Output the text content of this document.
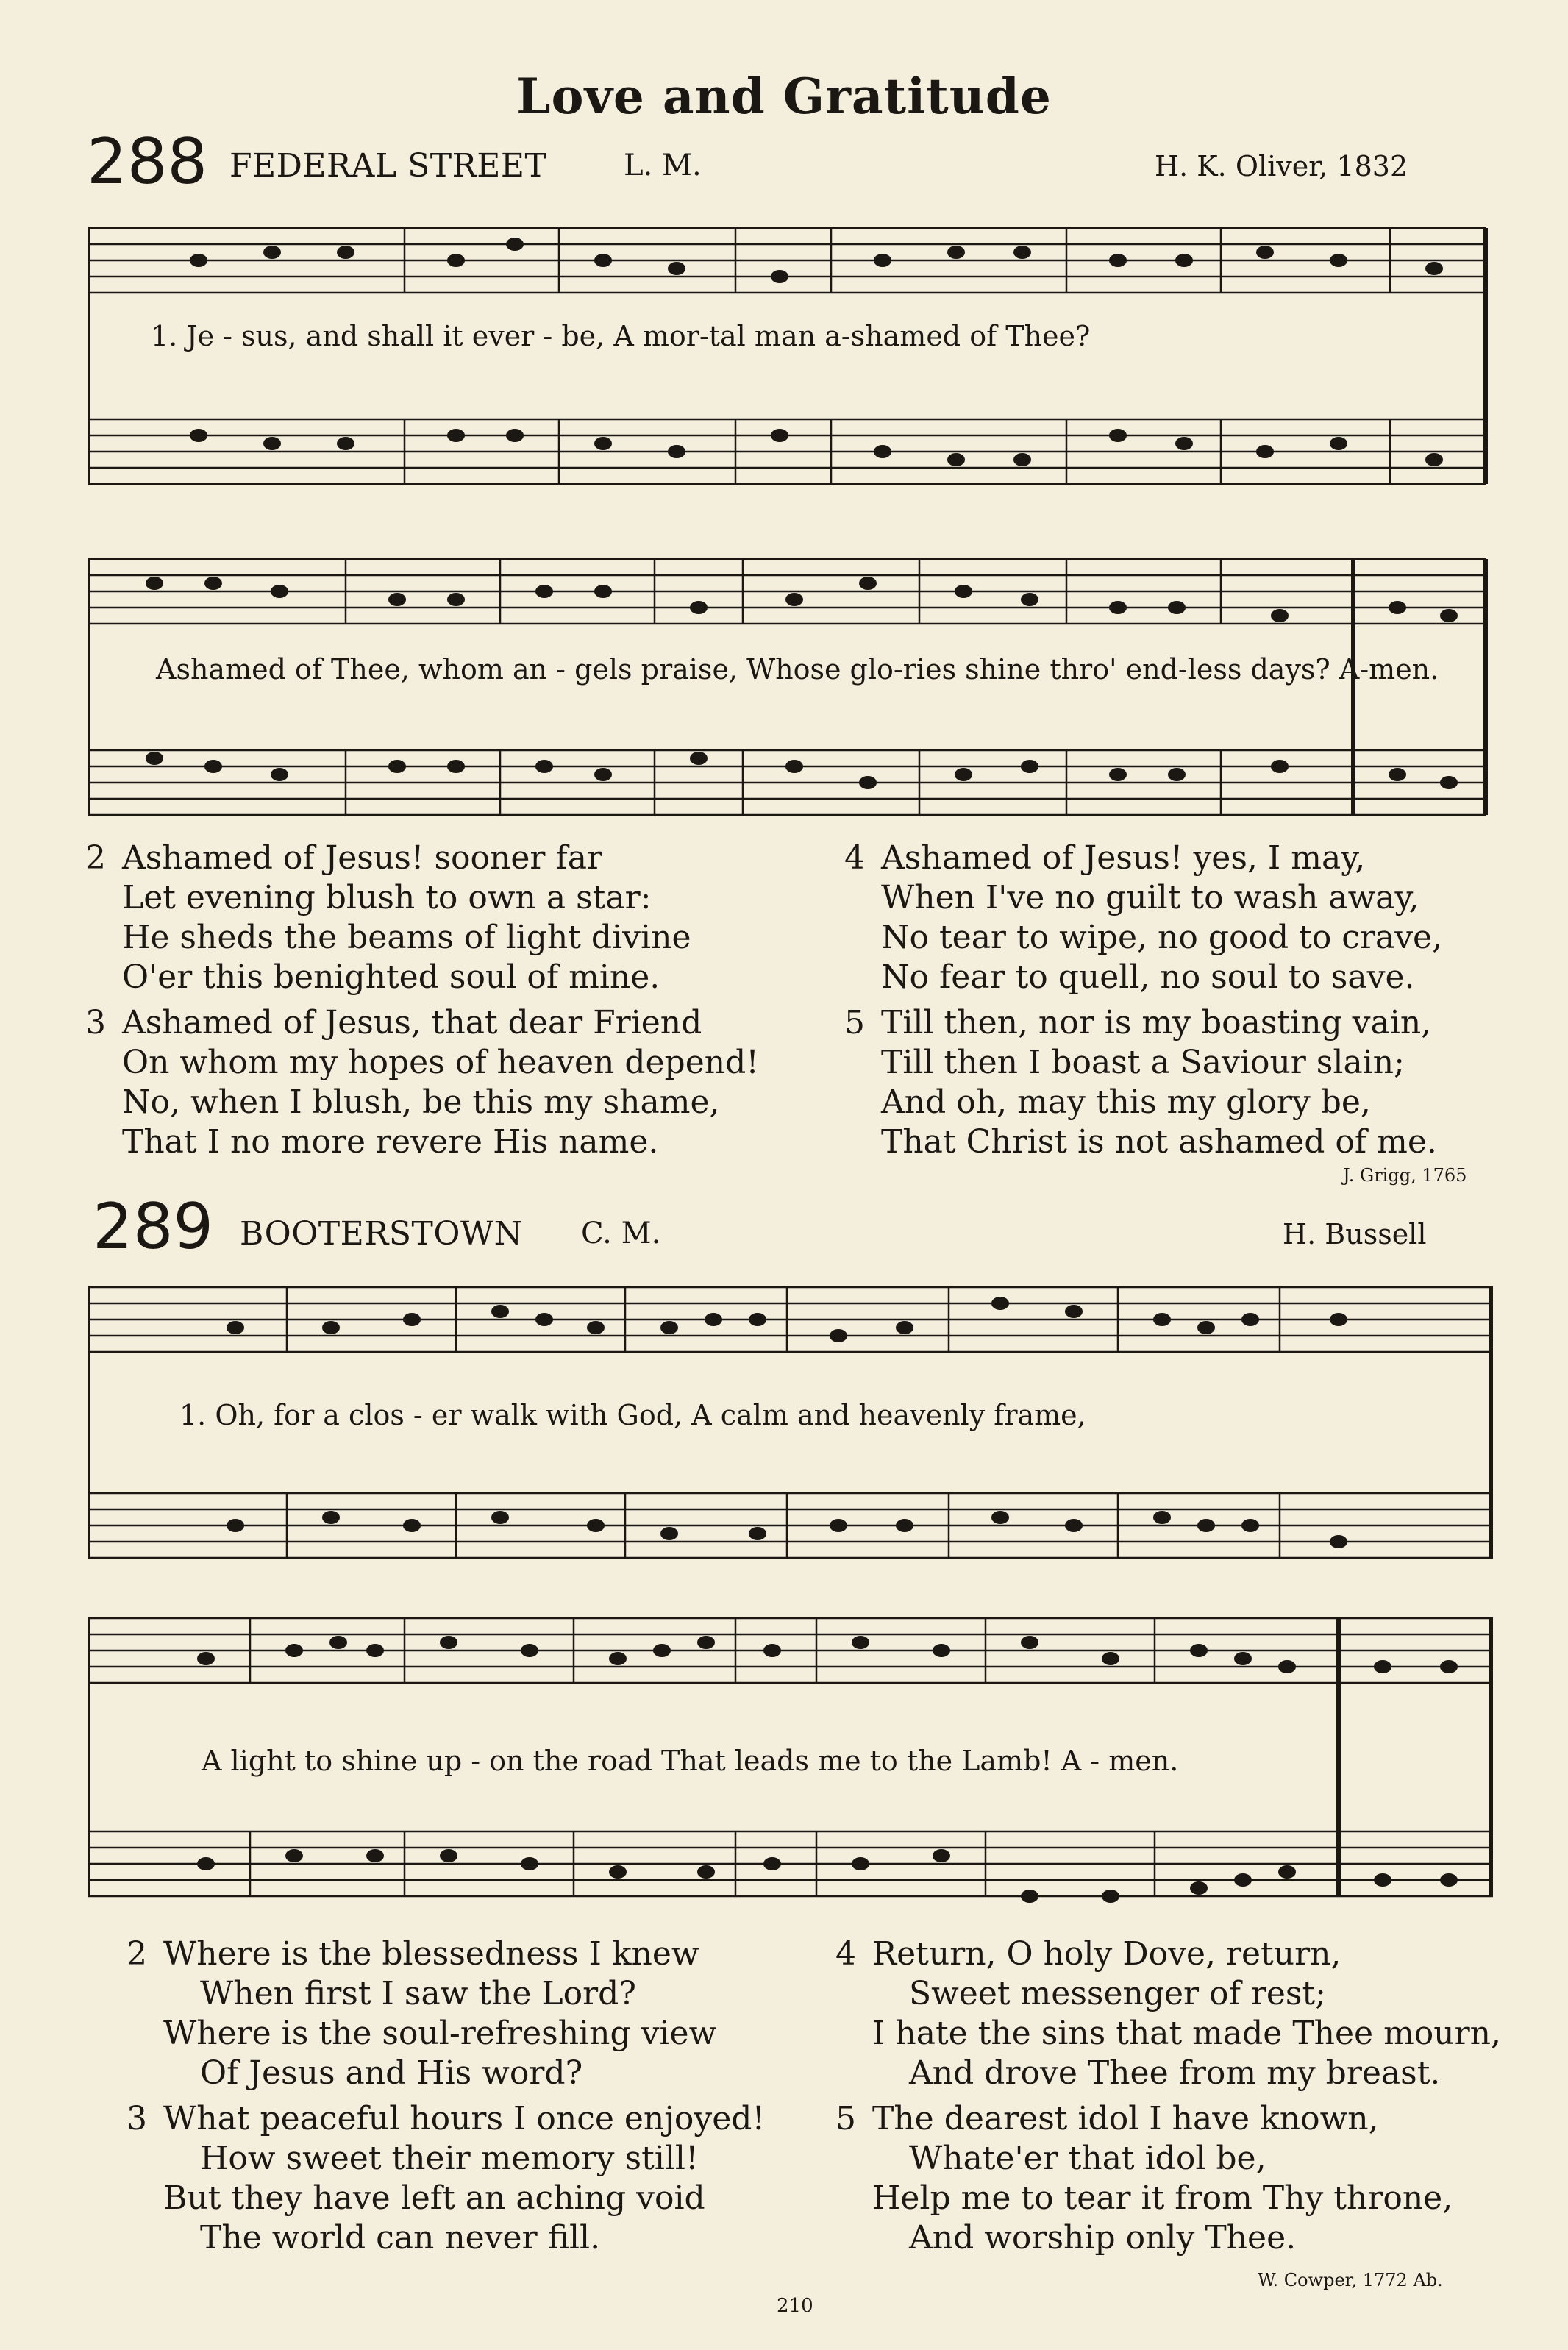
Love and Gratitude
288 FEDERAL STREET	L. M.	H. K. Oliver, 1832
1. Je - sus, and shall it ever - be, A mor-tal man a-shamed of Thee?
Ashamed of Thee, whom an - gels praise, Whose glo-ries shine thro' end-less days? A-men.
2 Ashamed of Jesus! sooner far
Let evening blush to own a star:
He sheds the beams of light divine
O'er this benighted soul of mine.
3 Ashamed of Jesus, that dear Friend
On whom my hopes of heaven depend!
No, when I blush, be this my shame,
That I no more revere His name.
4 Ashamed of Jesus! yes, I may,
When I've no guilt to wash away,
No tear to wipe, no good to crave,
No fear to quell, no soul to save.
5 Till then, nor is my boasting vain,
Till then I boast a Saviour slain;
And oh, may this my glory be,
That Christ is not ashamed of me.
J. Grigg, 1765
289 BOOTERSTOWN C. M.	H. Bussell
1. Oh, for a clos - er walk with God, A calm and heavenly frame,
A light to shine up - on the road That leads me to the Lamb! A - men.
2 Where is the blessedness I knew
When first I saw the Lord?
Where is the soul-refreshing view
Of Jesus and His word?
3 What peaceful hours I once enjoyed!
How sweet their memory still!
But they have left an aching void
The world can never fill.
4 Return, O holy Dove, return,
Sweet messenger of rest;
I hate the sins that made Thee mourn,
And drove Thee from my breast.
5 The dearest idol I have known,
Whate'er that idol be,
Help me to tear it from Thy throne,
And worship only Thee.
210
W. Cowper, 1772 Ab.
